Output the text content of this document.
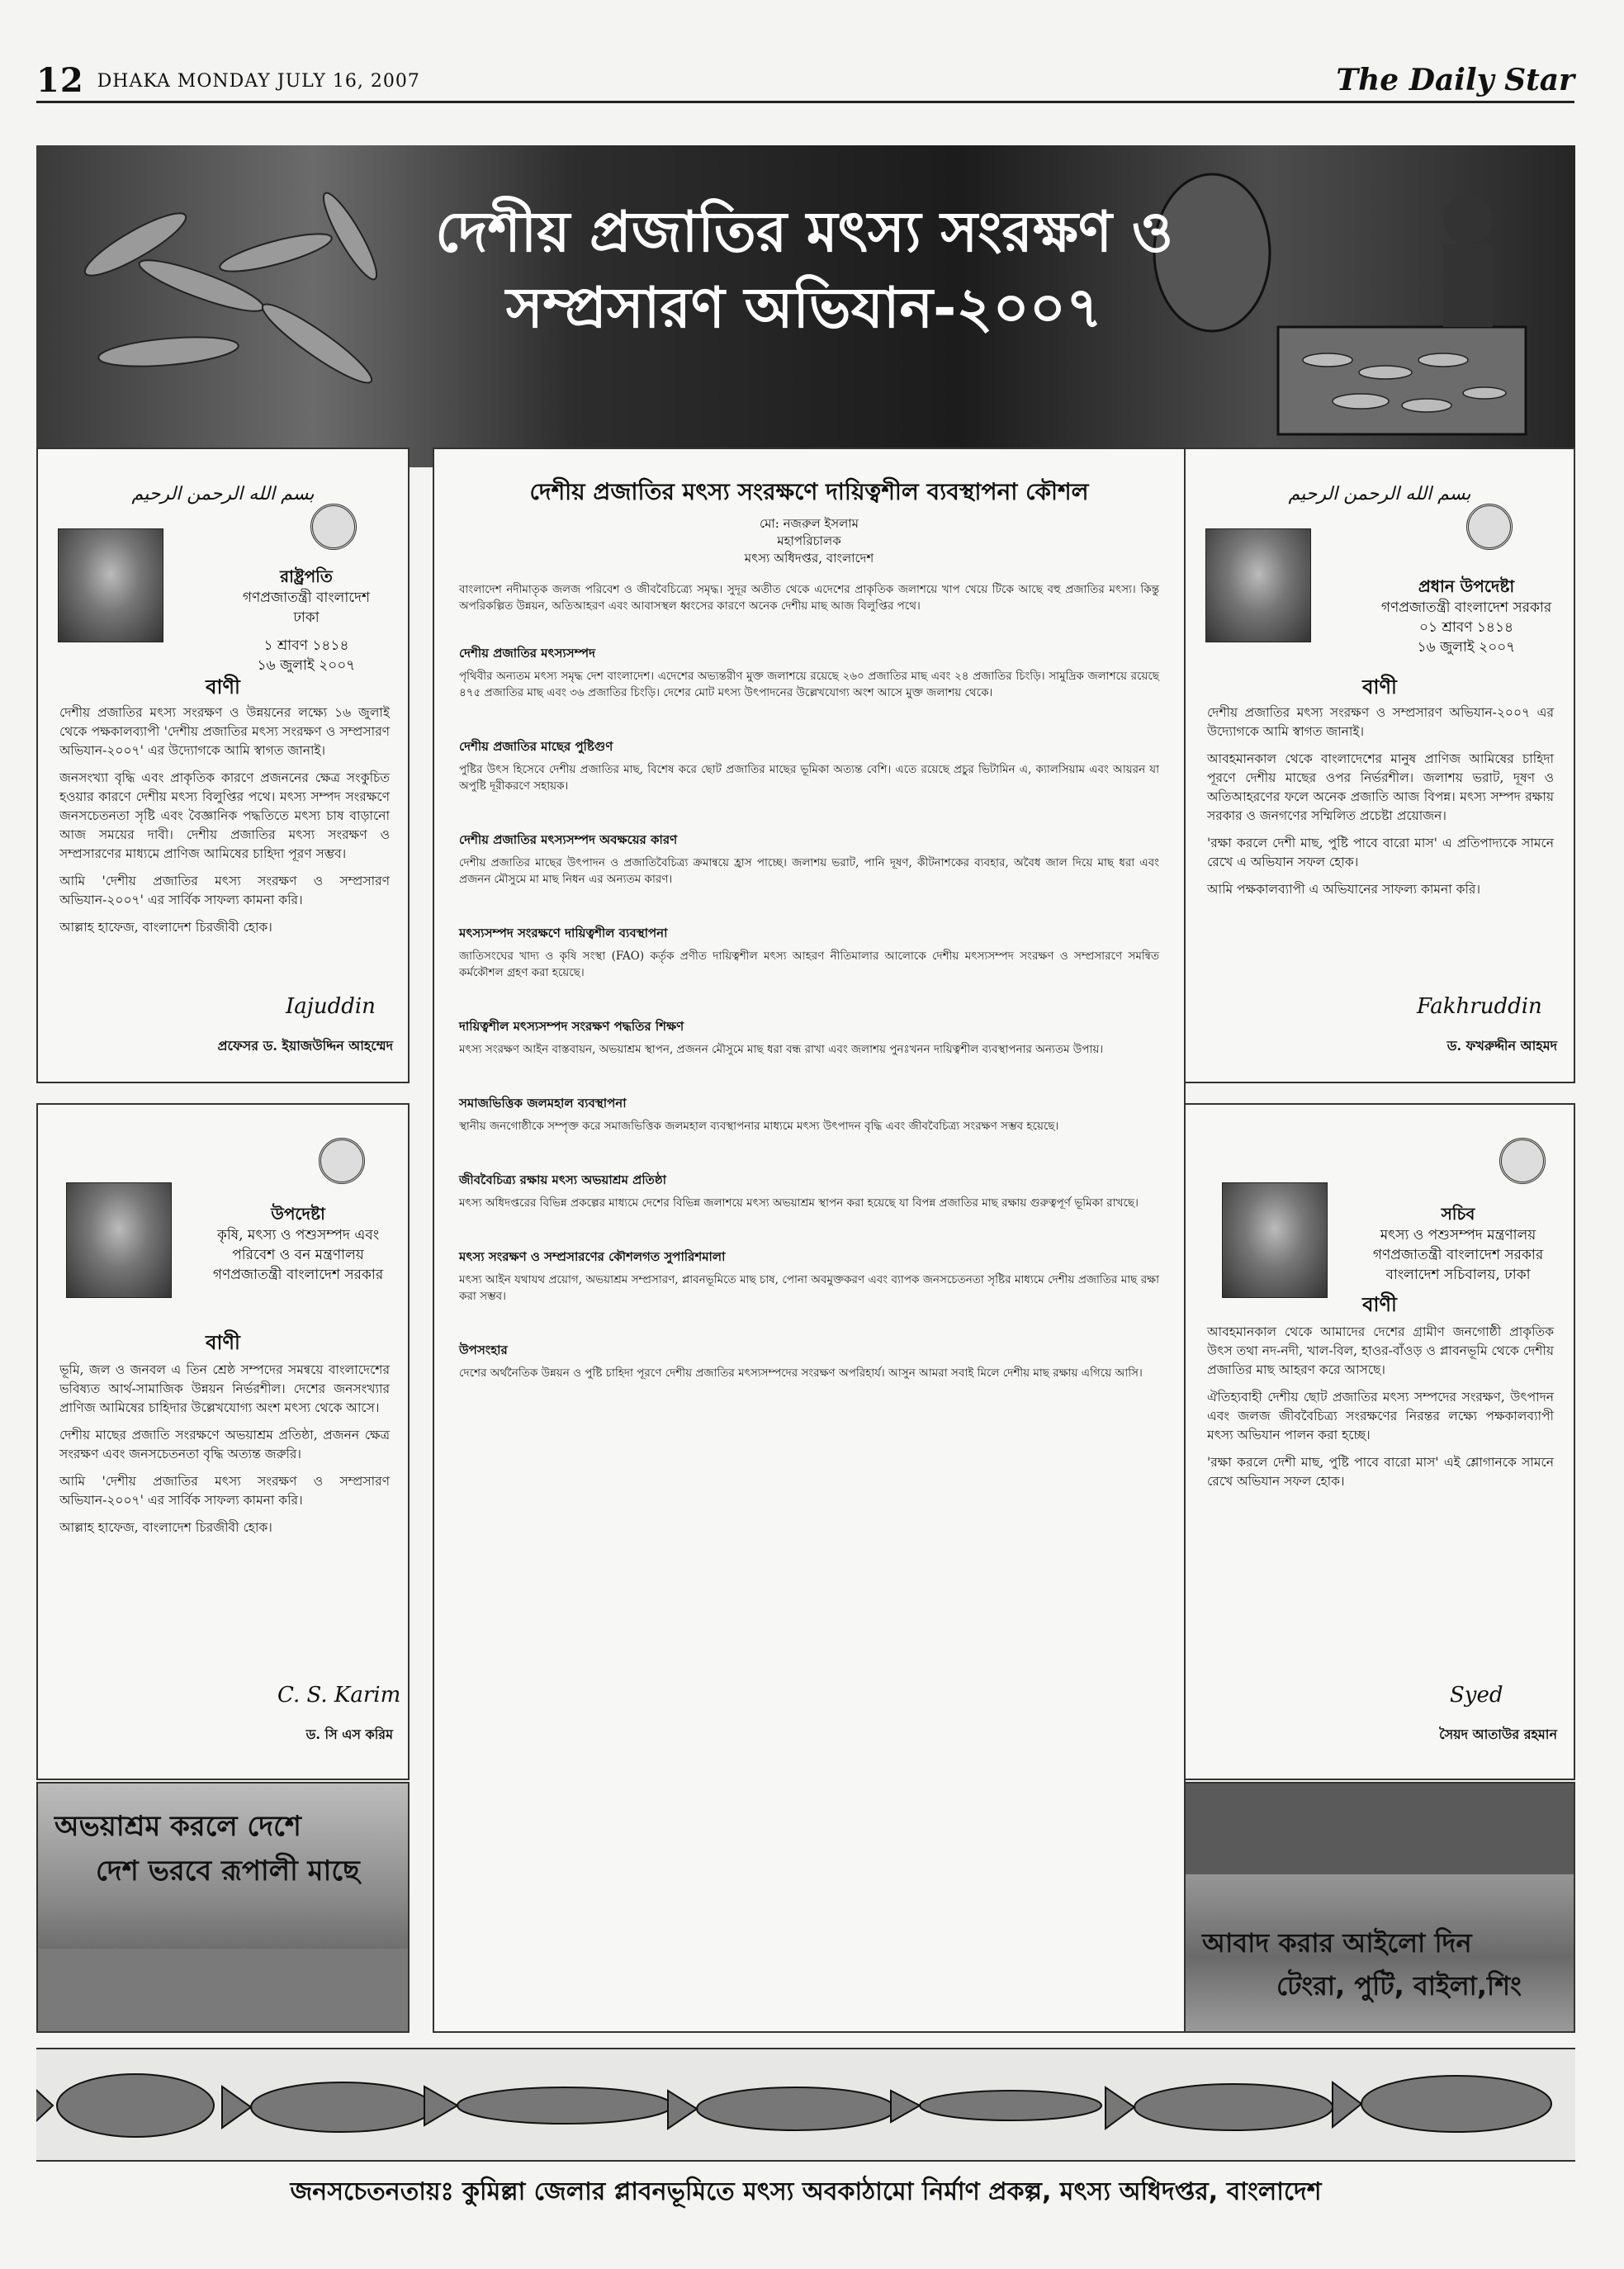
12 DHAKA MONDAY JULY 16, 2007	The Daily Star
দেশীয় প্রজাতির মৎস্য সংরক্ষণ ও
সম্প্রসারণ অভিযান-২০০৭
بسم الله الرحمن الرحيم
রাষ্ট্রপতি
গণপ্রজাতন্ত্রী বাংলাদেশ
ঢাকা
১ শ্রাবণ ১৪১৪
১৬ জুলাই ২০০৭
বাণী

দেশীয় প্রজাতির মৎস্য সংরক্ষণ ও উন্নয়নের লক্ষ্যে ১৬ জুলাই থেকে পক্ষকালব্যাপী 'দেশীয় প্রজাতির মৎস্য সংরক্ষণ ও সম্প্রসারণ অভিযান-২০০৭' এর উদ্যোগকে আমি স্বাগত জানাই।

জনসংখ্যা বৃদ্ধি এবং প্রাকৃতিক কারণে প্রজননের ক্ষেত্র সংকুচিত হওয়ার কারণে দেশীয় মৎস্য বিলুপ্তির পথে। মৎস্য সম্পদ সংরক্ষণে জনসচেতনতা সৃষ্টি এবং বৈজ্ঞানিক পদ্ধতিতে মৎস্য চাষ বাড়ানো আজ সময়ের দাবী। দেশীয় প্রজাতির মৎস্য সংরক্ষণ ও সম্প্রসারণের মাধ্যমে প্রাণিজ আমিষের চাহিদা পূরণ সম্ভব।

আমি 'দেশীয় প্রজাতির মৎস্য সংরক্ষণ ও সম্প্রসারণ অভিযান-২০০৭' এর সার্বিক সাফল্য কামনা করি।

আল্লাহ হাফেজ, বাংলাদেশ চিরজীবী হোক।

Iajuddin
প্রফেসর ড. ইয়াজউদ্দিন আহম্মেদ
দেশীয় প্রজাতির মৎস্য সংরক্ষণে দায়িত্বশীল ব্যবস্থাপনা কৌশল
মো: নজরুল ইসলাম
মহাপরিচালক
মৎস্য অধিদপ্তর, বাংলাদেশ

বাংলাদেশ নদীমাতৃক জলজ পরিবেশ ও জীববৈচিত্র্যে সমৃদ্ধ। সুদূর অতীত থেকে এদেশের প্রাকৃতিক জলাশয়ে খাপ খেয়ে টিকে আছে বহু প্রজাতির মৎস্য। কিন্তু অপরিকল্পিত উন্নয়ন, অতিআহরণ এবং আবাসস্থল ধ্বংসের কারণে অনেক দেশীয় মাছ আজ বিলুপ্তির পথে।

দেশীয় প্রজাতির মৎস্যসম্পদ

পৃথিবীর অন্যতম মৎস্য সমৃদ্ধ দেশ বাংলাদেশ। এদেশের অভ্যন্তরীণ মুক্ত জলাশয়ে রয়েছে ২৬০ প্রজাতির মাছ এবং ২৪ প্রজাতির চিংড়ি। সামুদ্রিক জলাশয়ে রয়েছে ৪৭৫ প্রজাতির মাছ এবং ৩৬ প্রজাতির চিংড়ি। দেশের মোট মৎস্য উৎপাদনের উল্লেখযোগ্য অংশ আসে মুক্ত জলাশয় থেকে।

দেশীয় প্রজাতির মাছের পুষ্টিগুণ

পুষ্টির উৎস হিসেবে দেশীয় প্রজাতির মাছ, বিশেষ করে ছোট প্রজাতির মাছের ভূমিকা অত্যন্ত বেশি। এতে রয়েছে প্রচুর ভিটামিন এ, ক্যালসিয়াম এবং আয়রন যা অপুষ্টি দূরীকরণে সহায়ক।

দেশীয় প্রজাতির মৎস্যসম্পদ অবক্ষয়ের কারণ

দেশীয় প্রজাতির মাছের উৎপাদন ও প্রজাতিবৈচিত্র্য ক্রমান্বয়ে হ্রাস পাচ্ছে। জলাশয় ভরাট, পানি দূষণ, কীটনাশকের ব্যবহার, অবৈধ জাল দিয়ে মাছ ধরা এবং প্রজনন মৌসুমে মা মাছ নিধন এর অন্যতম কারণ।

মৎস্যসম্পদ সংরক্ষণে দায়িত্বশীল ব্যবস্থাপনা

জাতিসংঘের খাদ্য ও কৃষি সংস্থা (FAO) কর্তৃক প্রণীত দায়িত্বশীল মৎস্য আহরণ নীতিমালার আলোকে দেশীয় মৎস্যসম্পদ সংরক্ষণ ও সম্প্রসারণে সমন্বিত কর্মকৌশল গ্রহণ করা হয়েছে।

দায়িত্বশীল মৎস্যসম্পদ সংরক্ষণ পদ্ধতির শিক্ষণ

মৎস্য সংরক্ষণ আইন বাস্তবায়ন, অভয়াশ্রম স্থাপন, প্রজনন মৌসুমে মাছ ধরা বন্ধ রাখা এবং জলাশয় পুনঃখনন দায়িত্বশীল ব্যবস্থাপনার অন্যতম উপায়।

সমাজভিত্তিক জলমহাল ব্যবস্থাপনা

স্থানীয় জনগোষ্ঠীকে সম্পৃক্ত করে সমাজভিত্তিক জলমহাল ব্যবস্থাপনার মাধ্যমে মৎস্য উৎপাদন বৃদ্ধি এবং জীববৈচিত্র্য সংরক্ষণ সম্ভব হয়েছে।

জীববৈচিত্র্য রক্ষায় মৎস্য অভয়াশ্রম প্রতিষ্ঠা

মৎস্য অধিদপ্তরের বিভিন্ন প্রকল্পের মাধ্যমে দেশের বিভিন্ন জলাশয়ে মৎস্য অভয়াশ্রম স্থাপন করা হয়েছে যা বিপন্ন প্রজাতির মাছ রক্ষায় গুরুত্বপূর্ণ ভূমিকা রাখছে।

মৎস্য সংরক্ষণ ও সম্প্রসারণের কৌশলগত সুপারিশমালা

মৎস্য আইন যথাযথ প্রয়োগ, অভয়াশ্রম সম্প্রসারণ, প্লাবনভূমিতে মাছ চাষ, পোনা অবমুক্তকরণ এবং ব্যাপক জনসচেতনতা সৃষ্টির মাধ্যমে দেশীয় প্রজাতির মাছ রক্ষা করা সম্ভব।

উপসংহার

দেশের অর্থনৈতিক উন্নয়ন ও পুষ্টি চাহিদা পূরণে দেশীয় প্রজাতির মৎস্যসম্পদের সংরক্ষণ অপরিহার্য। আসুন আমরা সবাই মিলে দেশীয় মাছ রক্ষায় এগিয়ে আসি।

بسم الله الرحمن الرحيم
প্রধান উপদেষ্টা
গণপ্রজাতন্ত্রী বাংলাদেশ সরকার
০১ শ্রাবণ ১৪১৪
১৬ জুলাই ২০০৭
বাণী

দেশীয় প্রজাতির মৎস্য সংরক্ষণ ও সম্প্রসারণ অভিযান-২০০৭ এর উদ্যোগকে আমি স্বাগত জানাই।

আবহমানকাল থেকে বাংলাদেশের মানুষ প্রাণিজ আমিষের চাহিদা পূরণে দেশীয় মাছের ওপর নির্ভরশীল। জলাশয় ভরাট, দূষণ ও অতিআহরণের ফলে অনেক প্রজাতি আজ বিপন্ন। মৎস্য সম্পদ রক্ষায় সরকার ও জনগণের সম্মিলিত প্রচেষ্টা প্রয়োজন।

'রক্ষা করলে দেশী মাছ, পুষ্টি পাবে বারো মাস' এ প্রতিপাদ্যকে সামনে রেখে এ অভিযান সফল হোক।

আমি পক্ষকালব্যাপী এ অভিযানের সাফল্য কামনা করি।

Fakhruddin
ড. ফখরুদ্দীন আহমদ
উপদেষ্টা
কৃষি, মৎস্য ও পশুসম্পদ এবং
পরিবেশ ও বন মন্ত্রণালয়
গণপ্রজাতন্ত্রী বাংলাদেশ সরকার
বাণী

ভূমি, জল ও জনবল এ তিন শ্রেষ্ঠ সম্পদের সমন্বয়ে বাংলাদেশের ভবিষ্যত আর্থ-সামাজিক উন্নয়ন নির্ভরশীল। দেশের জনসংখ্যার প্রাণিজ আমিষের চাহিদার উল্লেখযোগ্য অংশ মৎস্য থেকে আসে।

দেশীয় মাছের প্রজাতি সংরক্ষণে অভয়াশ্রম প্রতিষ্ঠা, প্রজনন ক্ষেত্র সংরক্ষণ এবং জনসচেতনতা বৃদ্ধি অত্যন্ত জরুরি।

আমি 'দেশীয় প্রজাতির মৎস্য সংরক্ষণ ও সম্প্রসারণ অভিযান-২০০৭' এর সার্বিক সাফল্য কামনা করি।

আল্লাহ হাফেজ, বাংলাদেশ চিরজীবী হোক।

C. S. Karim
ড. সি এস করিম
সচিব
মৎস্য ও পশুসম্পদ মন্ত্রণালয়
গণপ্রজাতন্ত্রী বাংলাদেশ সরকার
বাংলাদেশ সচিবালয়, ঢাকা
বাণী

আবহমানকাল থেকে আমাদের দেশের গ্রামীণ জনগোষ্ঠী প্রাকৃতিক উৎস তথা নদ-নদী, খাল-বিল, হাওর-বাঁওড় ও প্লাবনভূমি থেকে দেশীয় প্রজাতির মাছ আহরণ করে আসছে।

ঐতিহ্যবাহী দেশীয় ছোট প্রজাতির মৎস্য সম্পদের সংরক্ষণ, উৎপাদন এবং জলজ জীববৈচিত্র্য সংরক্ষণের নিরন্তর লক্ষ্যে পক্ষকালব্যাপী মৎস্য অভিযান পালন করা হচ্ছে।

'রক্ষা করলে দেশী মাছ, পুষ্টি পাবে বারো মাস' এই শ্লোগানকে সামনে রেখে অভিযান সফল হোক।

Syed
সৈয়দ আতাউর রহমান
অভয়াশ্রম করলে দেশে
দেশ ভরবে রূপালী মাছে
আবাদ করার আইলো দিন
টেংরা, পুটি, বাইলা,শিং
জনসচেতনতায়ঃ কুমিল্লা জেলার প্লাবনভূমিতে মৎস্য অবকাঠামো নির্মাণ প্রকল্প, মৎস্য অধিদপ্তর, বাংলাদেশ
